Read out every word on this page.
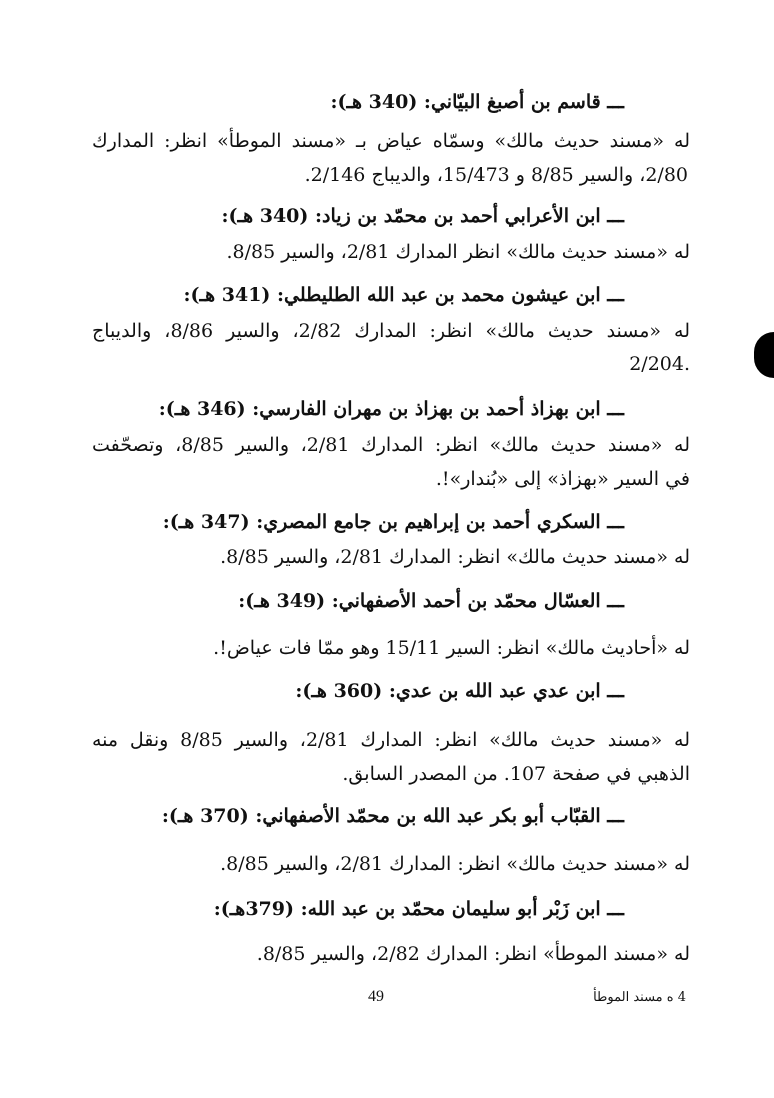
ـــ قاسم بن أصبغ البيّاني: (340 هـ):
له «مسند حديث مالك» وسمّاه عياض بـ «مسند الموطأ» انظر: المدارك
2/80، والسير 8/85 و 15/473، والديباج 2/146.
ـــ ابن الأعرابي أحمد بن محمّد بن زياد: (340 هـ):
له «مسند حديث مالك» انظر المدارك 2/81، والسير 8/85.
ـــ ابن عيشون محمد بن عبد الله الطليطلي: (341 هـ):
له «مسند حديث مالك» انظر: المدارك 2/82، والسير 8/86، والديباج
2/204.
ـــ ابن بهزاذ أحمد بن بهزاذ بن مهران الفارسي: (346 هـ):
له «مسند حديث مالك» انظر: المدارك 2/81، والسير 8/85، وتصحّفت
في السير «بهزاذ» إلى «بُندار»!.
ـــ السكري أحمد بن إبراهيم بن جامع المصري: (347 هـ):
له «مسند حديث مالك» انظر: المدارك 2/81، والسير 8/85.
ـــ العسّال محمّد بن أحمد الأصفهاني: (349 هـ):
له «أحاديث مالك» انظر: السير 15/11 وهو ممّا فات عياض!.
ـــ ابن عدي عبد الله بن عدي: (360 هـ):
له «مسند حديث مالك» انظر: المدارك 2/81، والسير 8/85 ونقل منه
الذهبي في صفحة 107. من المصدر السابق.
ـــ القبّاب أبو بكر عبد الله بن محمّد الأصفهاني: (370 هـ):
له «مسند حديث مالك» انظر: المدارك 2/81، والسير 8/85.
ـــ ابن زَبْر أبو سليمان محمّد بن عبد الله: (379هـ):
له «مسند الموطأ» انظر: المدارك 2/82، والسير 8/85.
49	4 ه مسند الموطأ
